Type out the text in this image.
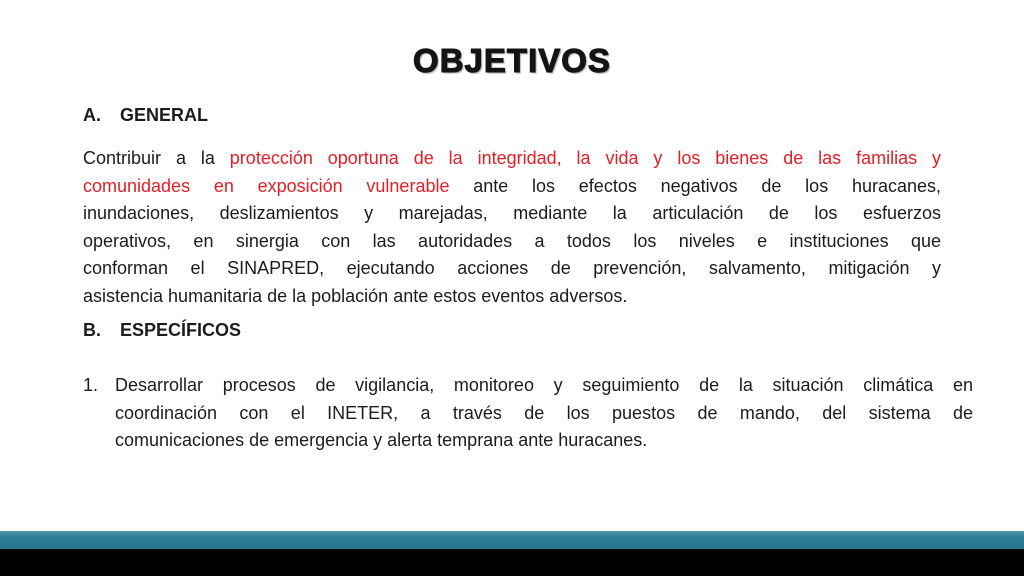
OBJETIVOS
A.	GENERAL
Contribuir a la protección oportuna de la integridad, la vida y los bienes de las familias y
comunidades en exposición vulnerable ante los efectos negativos de los huracanes,
inundaciones, deslizamientos y marejadas, mediante la articulación de los esfuerzos
operativos, en sinergia con las autoridades a todos los niveles e instituciones que
conforman el SINAPRED, ejecutando acciones de prevención, salvamento, mitigación y
asistencia humanitaria de la población ante estos eventos adversos.
B.	ESPECÍFICOS
1. Desarrollar procesos de vigilancia, monitoreo y seguimiento de la situación climática en
coordinación con el INETER, a través de los puestos de mando, del sistema de
comunicaciones de emergencia y alerta temprana ante huracanes.
